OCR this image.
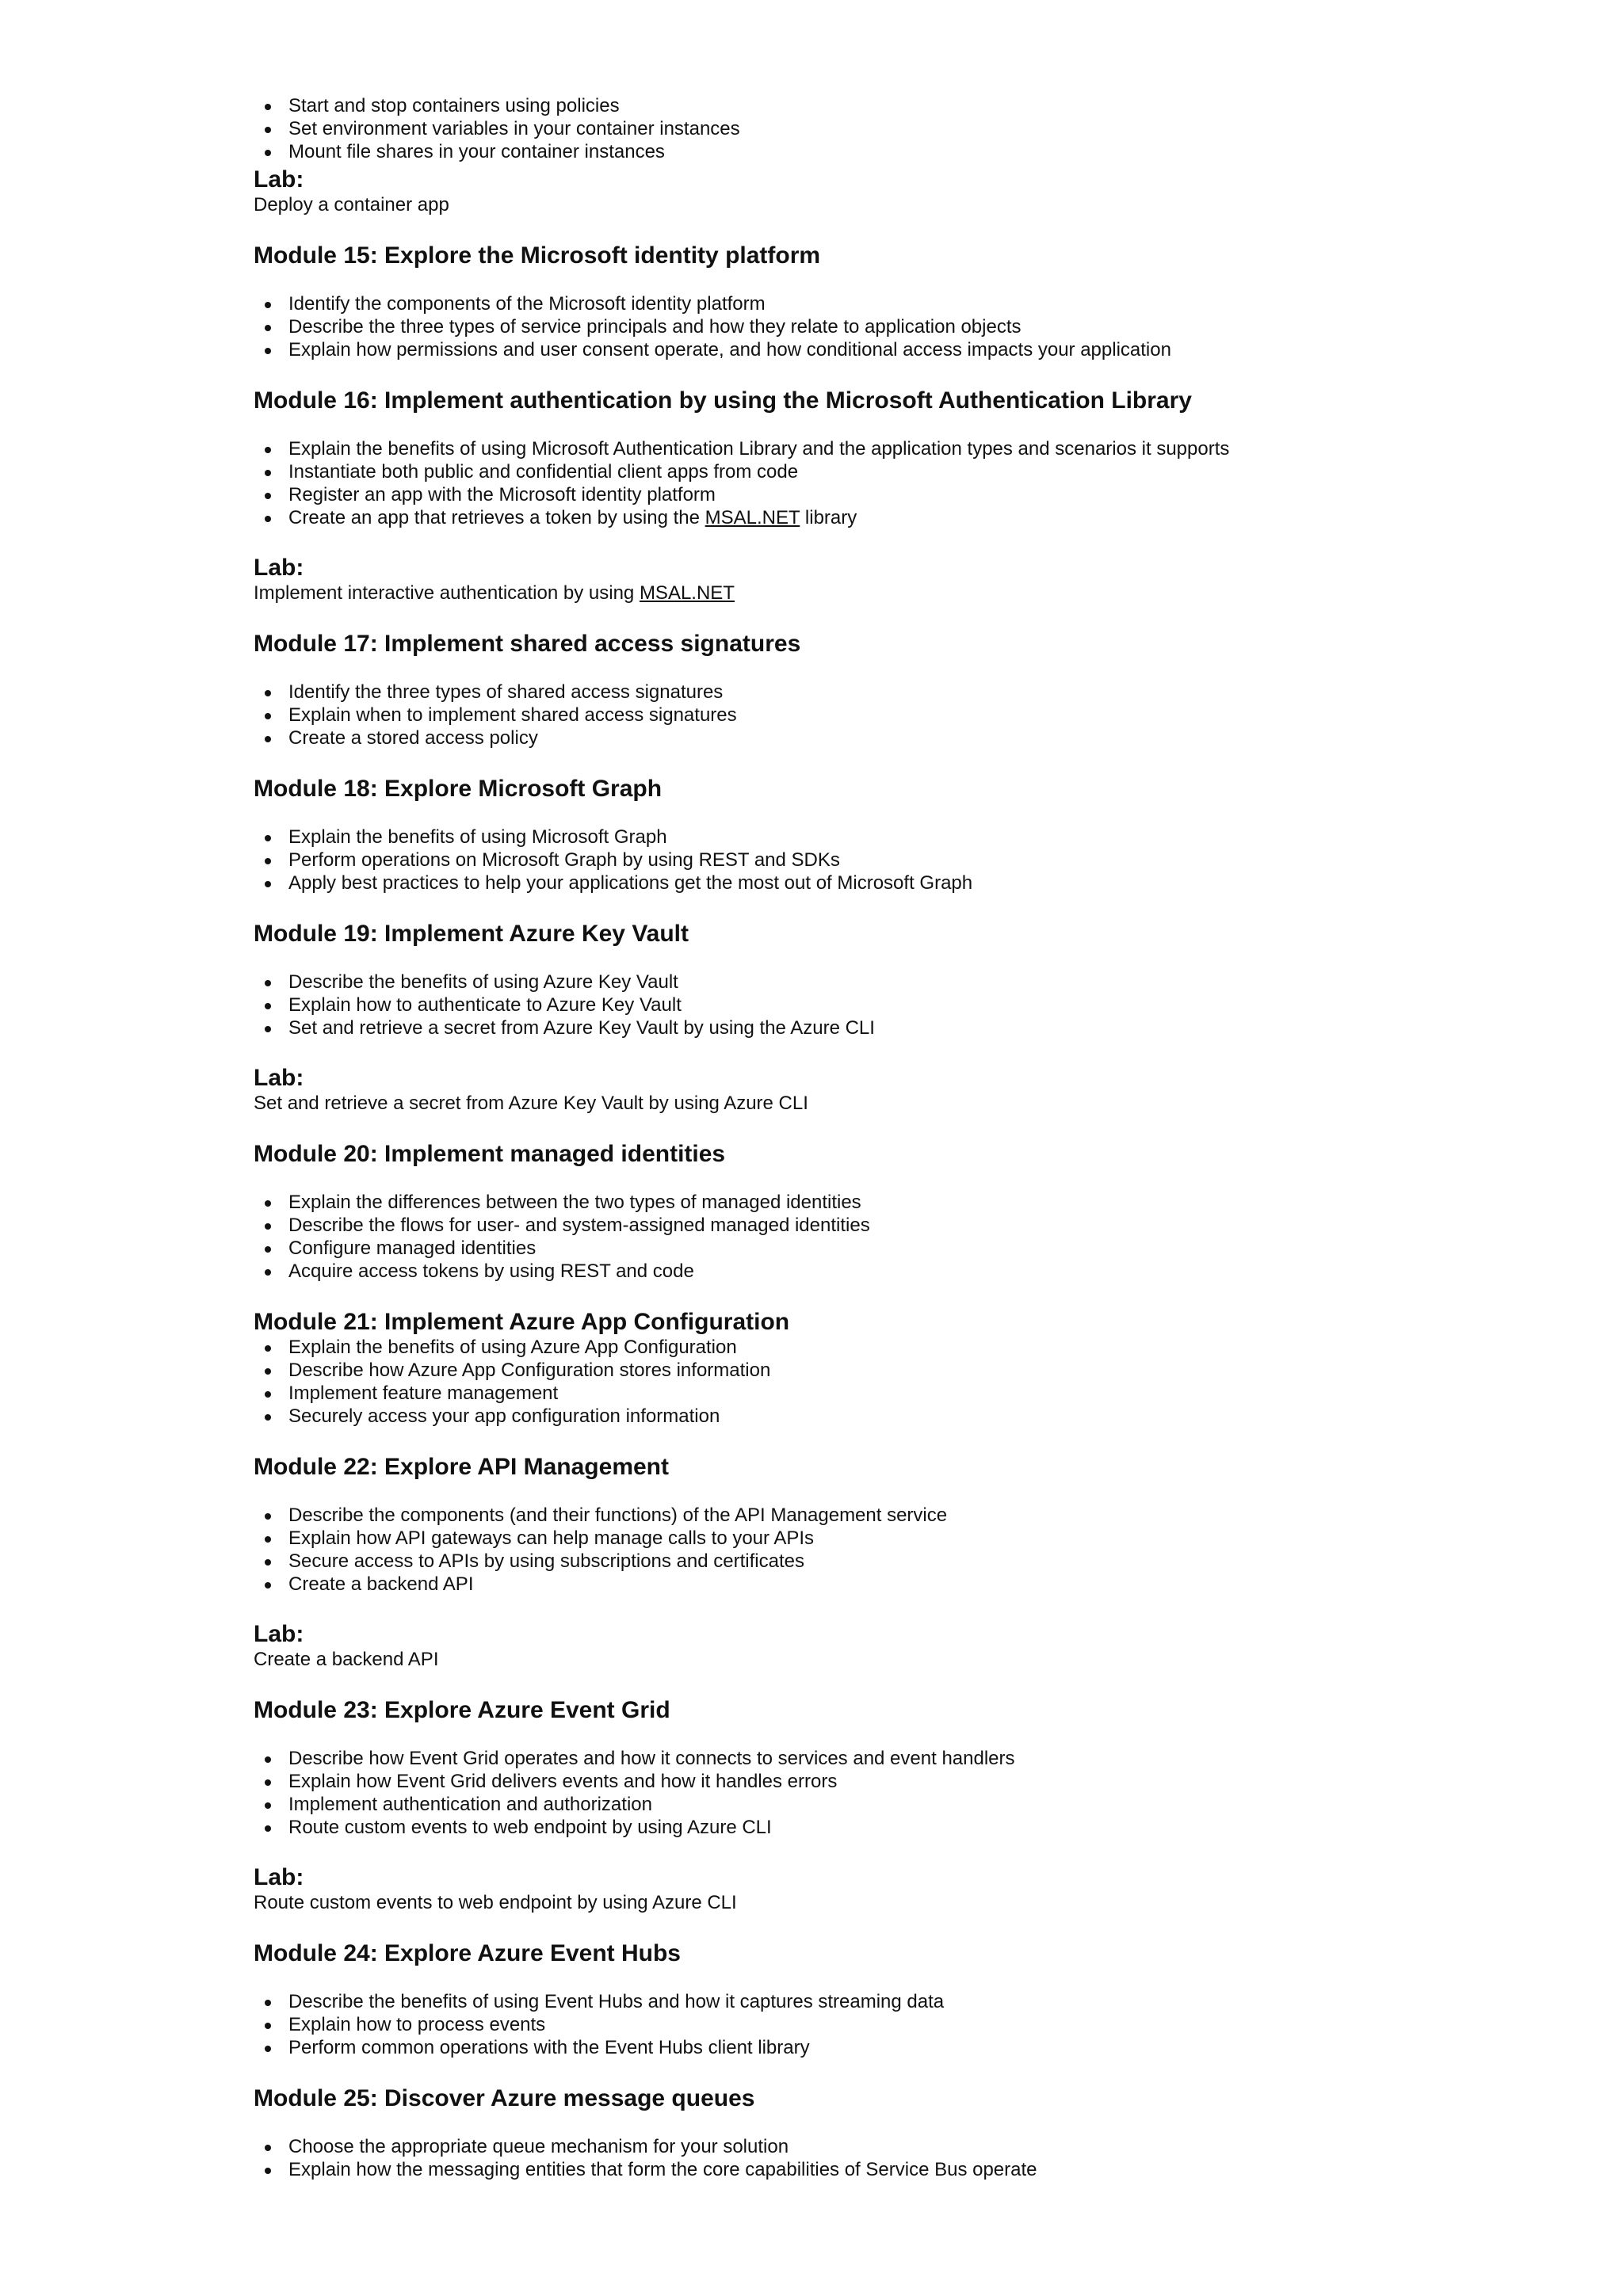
Start and stop containers using policies
Set environment variables in your container instances
Mount file shares in your container instances
Lab:
Deploy a container app
Module 15: Explore the Microsoft identity platform
Identify the components of the Microsoft identity platform
Describe the three types of service principals and how they relate to application objects
Explain how permissions and user consent operate, and how conditional access impacts your application
Module 16: Implement authentication by using the Microsoft Authentication Library
Explain the benefits of using Microsoft Authentication Library and the application types and scenarios it supports
Instantiate both public and confidential client apps from code
Register an app with the Microsoft identity platform
Create an app that retrieves a token by using the MSAL.NET library
Lab:
Implement interactive authentication by using MSAL.NET
Module 17: Implement shared access signatures
Identify the three types of shared access signatures
Explain when to implement shared access signatures
Create a stored access policy
Module 18: Explore Microsoft Graph
Explain the benefits of using Microsoft Graph
Perform operations on Microsoft Graph by using REST and SDKs
Apply best practices to help your applications get the most out of Microsoft Graph
Module 19: Implement Azure Key Vault
Describe the benefits of using Azure Key Vault
Explain how to authenticate to Azure Key Vault
Set and retrieve a secret from Azure Key Vault by using the Azure CLI
Lab:
Set and retrieve a secret from Azure Key Vault by using Azure CLI
Module 20: Implement managed identities
Explain the differences between the two types of managed identities
Describe the flows for user- and system-assigned managed identities
Configure managed identities
Acquire access tokens by using REST and code
Module 21: Implement Azure App Configuration
Explain the benefits of using Azure App Configuration
Describe how Azure App Configuration stores information
Implement feature management
Securely access your app configuration information
Module 22: Explore API Management
Describe the components (and their functions) of the API Management service
Explain how API gateways can help manage calls to your APIs
Secure access to APIs by using subscriptions and certificates
Create a backend API
Lab:
Create a backend API
Module 23: Explore Azure Event Grid
Describe how Event Grid operates and how it connects to services and event handlers
Explain how Event Grid delivers events and how it handles errors
Implement authentication and authorization
Route custom events to web endpoint by using Azure CLI
Lab:
Route custom events to web endpoint by using Azure CLI
Module 24: Explore Azure Event Hubs
Describe the benefits of using Event Hubs and how it captures streaming data
Explain how to process events
Perform common operations with the Event Hubs client library
Module 25: Discover Azure message queues
Choose the appropriate queue mechanism for your solution
Explain how the messaging entities that form the core capabilities of Service Bus operate
